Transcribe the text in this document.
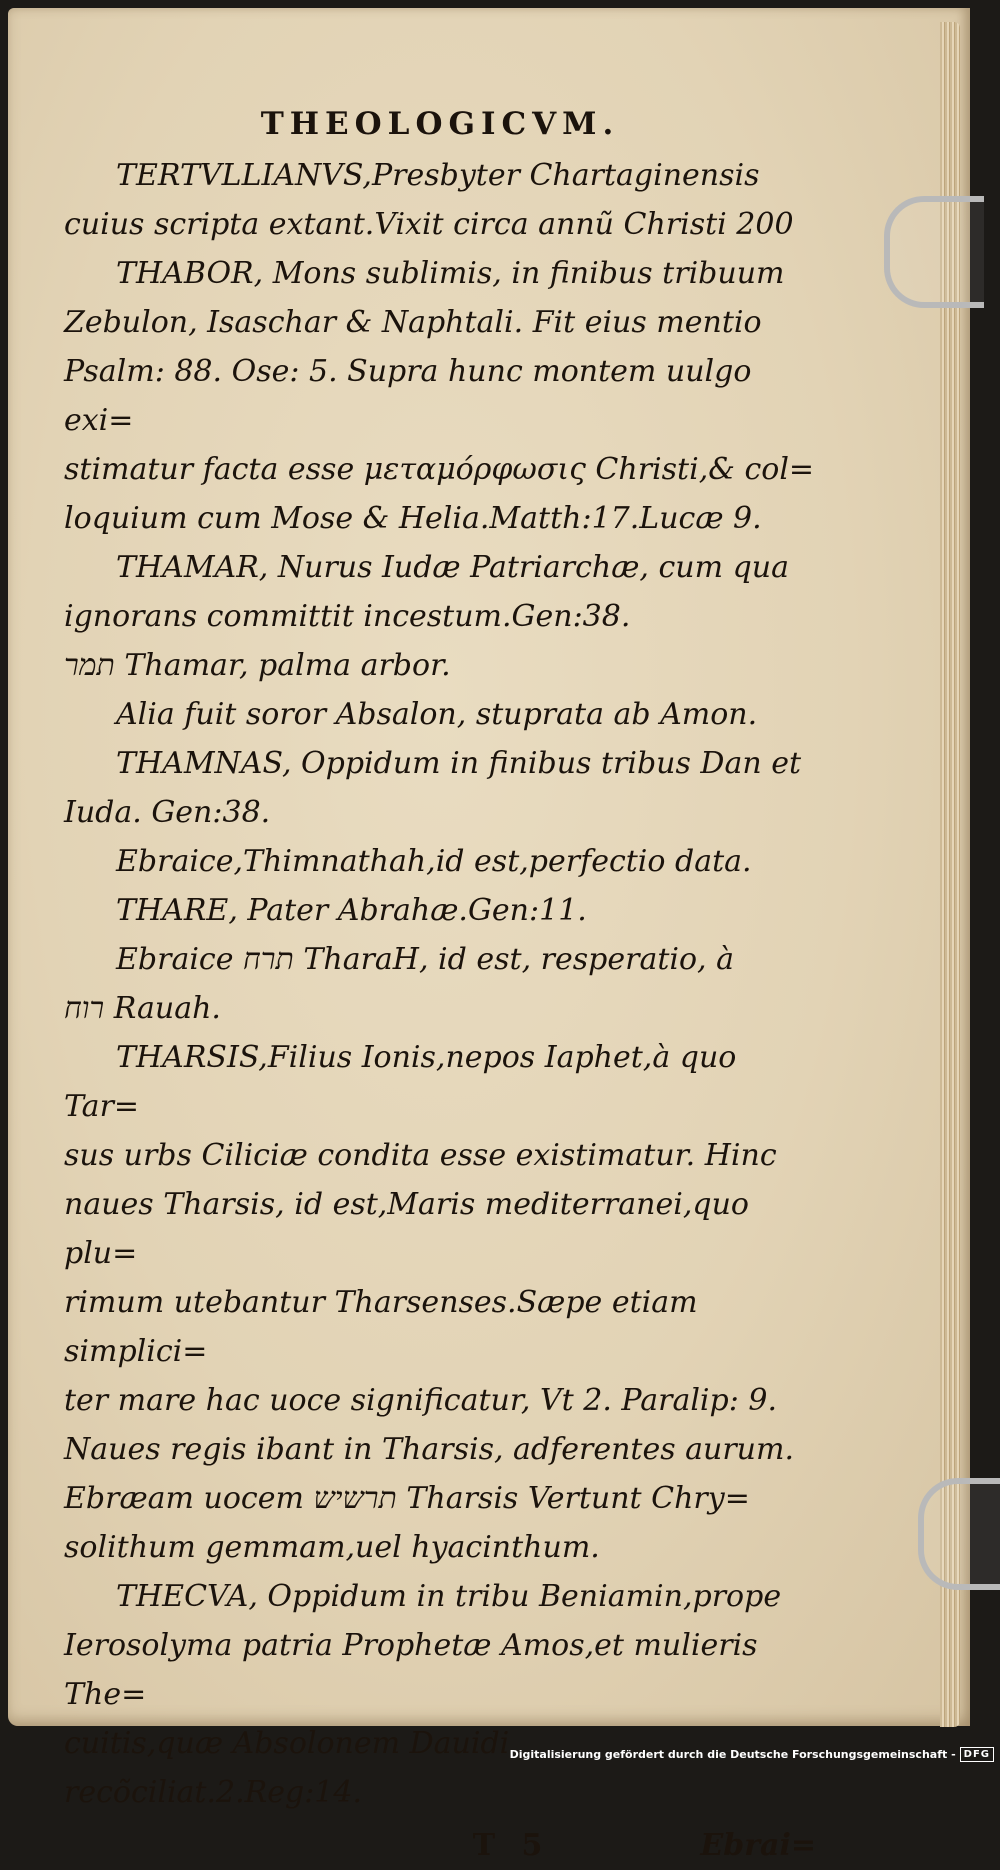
THEOLOGICVM.

TERTVLLIANVS,Presbyter Chartaginensis

cuius scripta extant.Vixit circa annũ Christi 200

THABOR, Mons sublimis, in finibus tribuum

Zebulon, Isaschar & Naphtali. Fit eius mentio

Psalm: 88. Ose: 5. Supra hunc montem uulgo exi=

stimatur facta esse μεταμόρφωσις Christi,& col=

loquium cum Mose & Helia.Matth:17.Lucæ 9.

THAMAR, Nurus Iudæ Patriarchæ, cum qua

ignorans committit incestum.Gen:38.

תמר Thamar, palma arbor.

Alia fuit soror Absalon, stuprata ab Amon.

THAMNAS, Oppidum in finibus tribus Dan et

Iuda. Gen:38.

Ebraice,Thimnathah,id est,perfectio data.

THARE, Pater Abrahæ.Gen:11.

Ebraice תרח TharaH, id est, resperatio, à

רוח Rauah.

THARSIS,Filius Ionis,nepos Iaphet,à quo Tar=

sus urbs Ciliciæ condita esse existimatur. Hinc

naues Tharsis, id est,Maris mediterranei,quo plu=

rimum utebantur Tharsenses.Sæpe etiam simplici=

ter mare hac uoce significatur, Vt 2. Paralip: 9.

Naues regis ibant in Tharsis, adferentes aurum.

Ebræam uocem תרשיש Tharsis Vertunt Chry=

solithum gemmam,uel hyacinthum.

THECVA, Oppidum in tribu Beniamin,prope

Ierosolyma patria Prophetæ Amos,et mulieris The=

cuitis,quæ Absolonem Dauidi recõciliat.2.Reg:14.

T 5	Ebrai=

Digitalisierung gefördert durch die Deutsche Forschungsgemeinschaft - DFG
